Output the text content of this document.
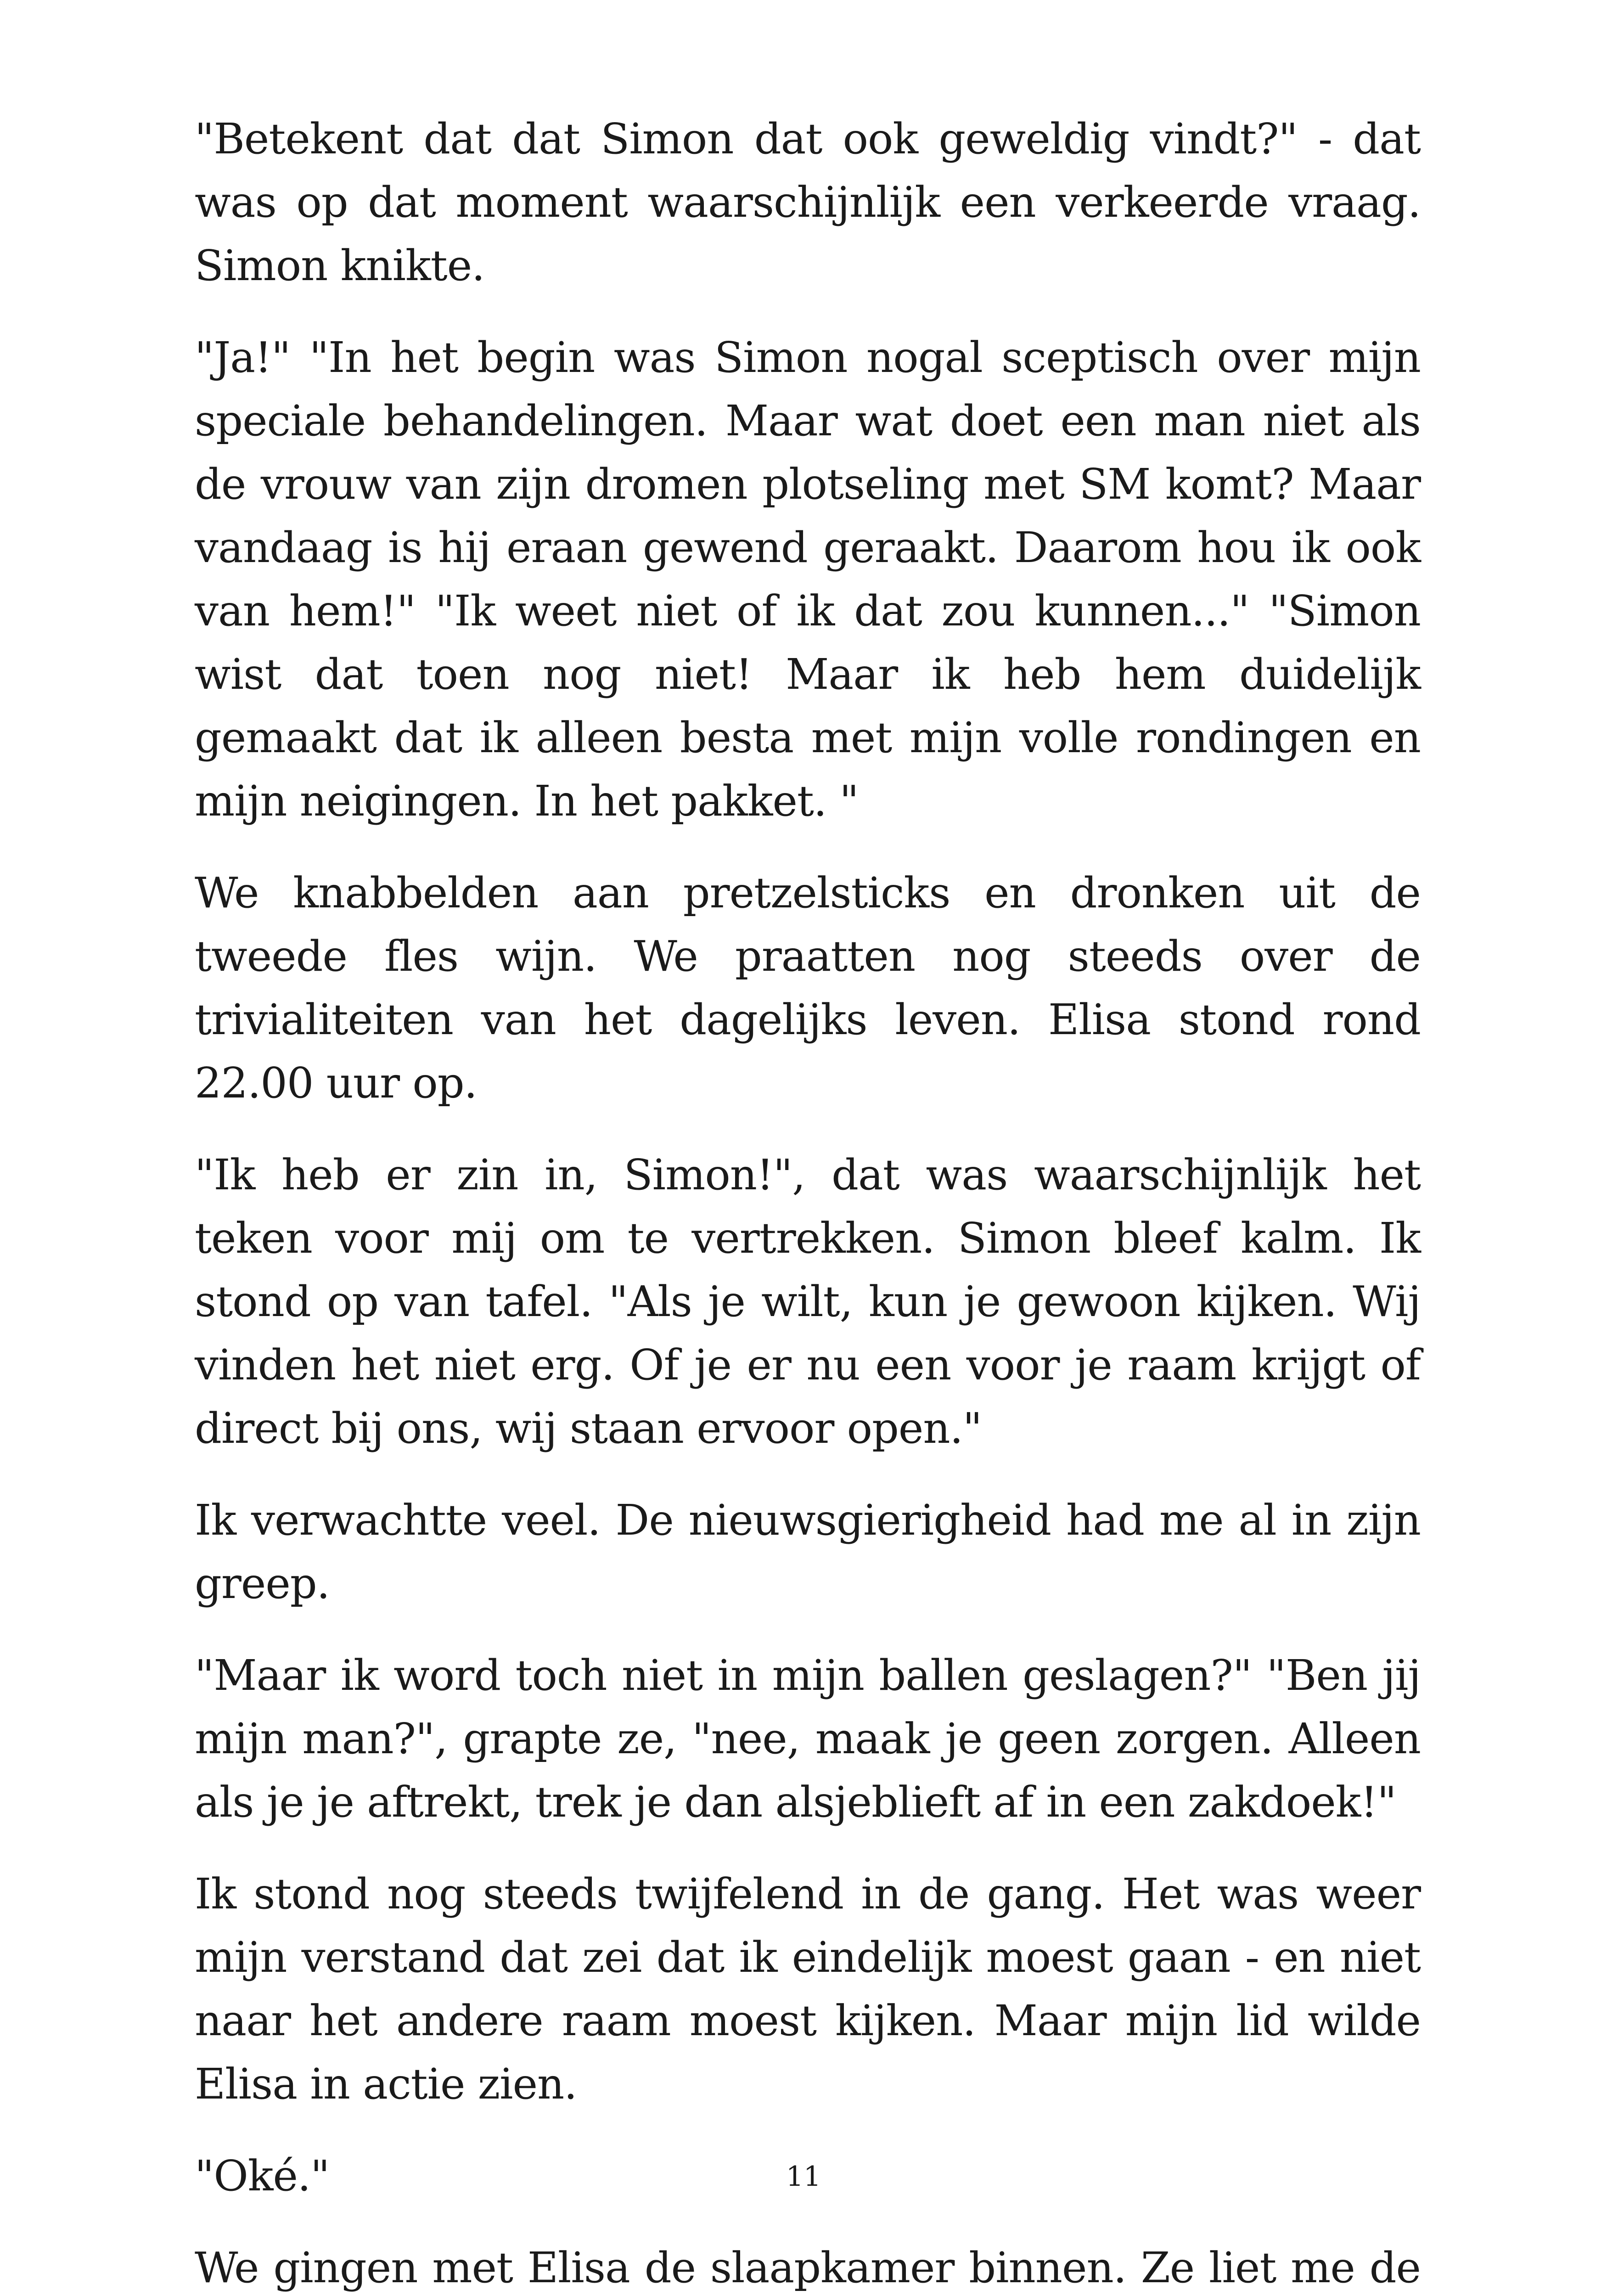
"Betekent dat dat Simon dat ook geweldig vindt?" - dat was op dat moment waarschijnlijk een verkeerde vraag. Simon knikte.

"Ja!" "In het begin was Simon nogal sceptisch over mijn speciale behandelingen. Maar wat doet een man niet als de vrouw van zijn dromen plotseling met SM komt? Maar vandaag is hij eraan gewend geraakt. Daarom hou ik ook van hem!" "Ik weet niet of ik dat zou kunnen..." "Simon wist dat toen nog niet! Maar ik heb hem duidelijk gemaakt dat ik alleen besta met mijn volle rondingen en mijn neigingen. In het pakket. "

We knabbelden aan pretzelsticks en dronken uit de tweede fles wijn. We praatten nog steeds over de trivialiteiten van het dagelijks leven. Elisa stond rond 22.00 uur op.

"Ik heb er zin in, Simon!", dat was waarschijnlijk het teken voor mij om te vertrekken. Simon bleef kalm. Ik stond op van tafel. "Als je wilt, kun je gewoon kijken. Wij vinden het niet erg. Of je er nu een voor je raam krijgt of direct bij ons, wij staan ervoor open."

Ik verwachtte veel. De nieuwsgierigheid had me al in zijn greep.

"Maar ik word toch niet in mijn ballen geslagen?" "Ben jij mijn man?", grapte ze, "nee, maak je geen zorgen. Alleen als je je aftrekt, trek je dan alsjeblieft af in een zakdoek!"

Ik stond nog steeds twijfelend in de gang. Het was weer mijn verstand dat zei dat ik eindelijk moest gaan - en niet naar het andere raam moest kijken. Maar mijn lid wilde Elisa in actie zien.

"Oké."

We gingen met Elisa de slaapkamer binnen. Ze liet me de

11
